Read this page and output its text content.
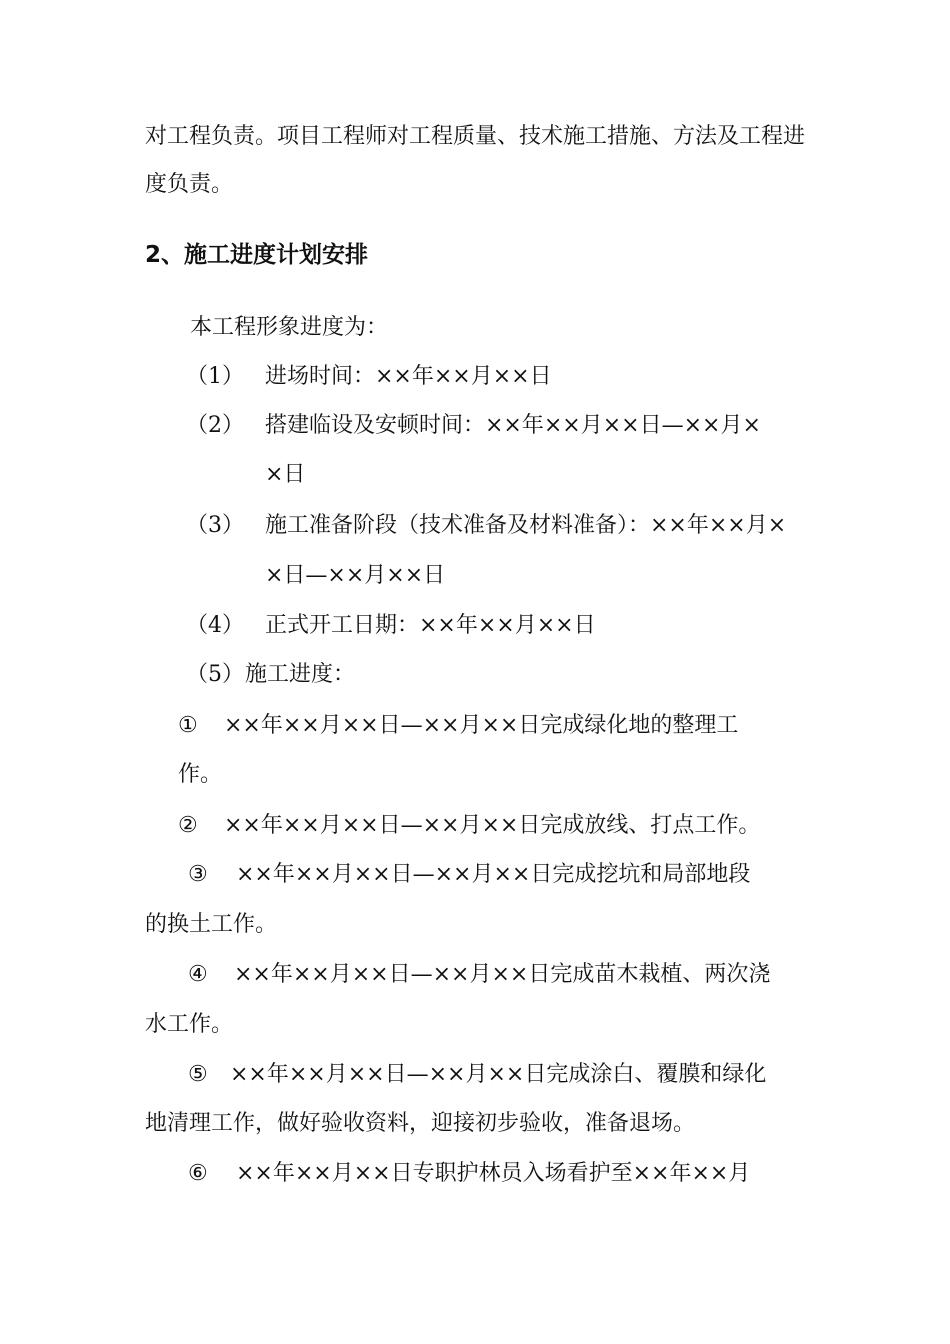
对工程负责。项目工程师对工程质量、技术施工措施、方法及工程进
度负责。
2、施工进度计划安排
本工程形象进度为：
（1） 进场时间：××年××月××日
（2） 搭建临设及安顿时间：××年××月××日—××月×
×日
（3） 施工准备阶段（技术准备及材料准备）：××年××月×
×日—××月××日
（4） 正式开工日期：××年××月××日
（5） 施工进度：
① ××年××月××日—××月××日完成绿化地的整理工
作。
② ××年××月××日—××月××日完成放线、打点工作。
③ ××年××月××日—××月××日完成挖坑和局部地段
的换土工作。
④ ××年××月××日—××月××日完成苗木栽植、两次浇
水工作。
⑤ ××年××月××日—××月××日完成涂白、覆膜和绿化
地清理工作，做好验收资料，迎接初步验收，准备退场。
⑥ ××年××月××日专职护林员入场看护至××年××月
